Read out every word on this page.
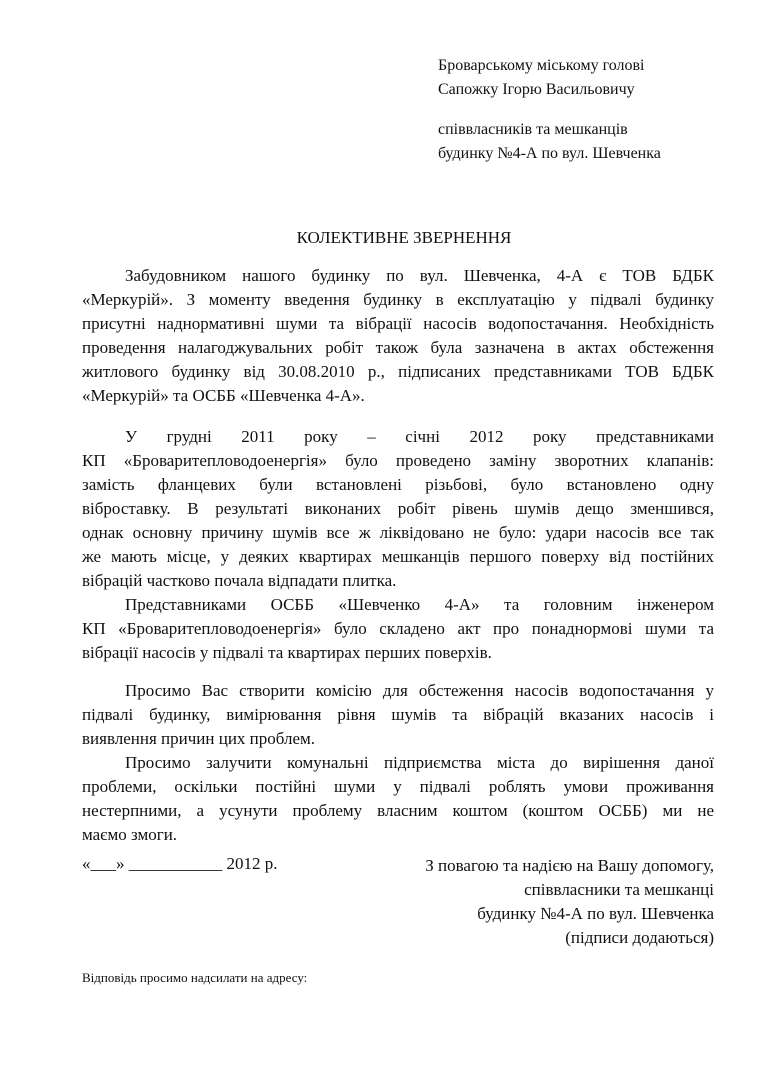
Броварському міському голові
Сапожку Ігорю Васильовичу
співвласників та мешканців
будинку №4-А по вул. Шевченка
КОЛЕКТИВНЕ ЗВЕРНЕННЯ
Забудовником нашого будинку по вул. Шевченка, 4-А є ТОВ БДБК
«Меркурій». З моменту введення будинку в експлуатацію у підвалі будинку
присутні наднормативні шуми та вібрації насосів водопостачання. Необхідність
проведення налагоджувальних робіт також була зазначена в актах обстеження
житлового будинку від 30.08.2010 р., підписаних представниками ТОВ БДБК
«Меркурій» та ОСББ «Шевченка 4-А».
У грудні 2011 року – січні 2012 року представниками
КП «Броваритепловодоенергія» було проведено заміну зворотних клапанів:
замість фланцевих були встановлені різьбові, було встановлено одну
віброставку. В результаті виконаних робіт рівень шумів дещо зменшився,
однак основну причину шумів все ж ліквідовано не було: удари насосів все так
же мають місце, у деяких квартирах мешканців першого поверху від постійних
вібрацій частково почала відпадати плитка.
Представниками ОСББ «Шевченко 4-А» та головним інженером
КП «Броваритепловодоенергія» було складено акт про понаднормові шуми та
вібрації насосів у підвалі та квартирах перших поверхів.
Просимо Вас створити комісію для обстеження насосів водопостачання у
підвалі будинку, вимірювання рівня шумів та вібрацій вказаних насосів і
виявлення причин цих проблем.
Просимо залучити комунальні підприємства міста до вирішення даної
проблеми, оскільки постійні шуми у підвалі роблять умови проживання
нестерпними, а усунути проблему власним коштом (коштом ОСББ) ми не
маємо змоги.
«___» ___________ 2012 р.	З повагою та надією на Вашу допомогу,
співвласники та мешканці
будинку №4-А по вул. Шевченка
(підписи додаються)
Відповідь просимо надсилати на адресу:
